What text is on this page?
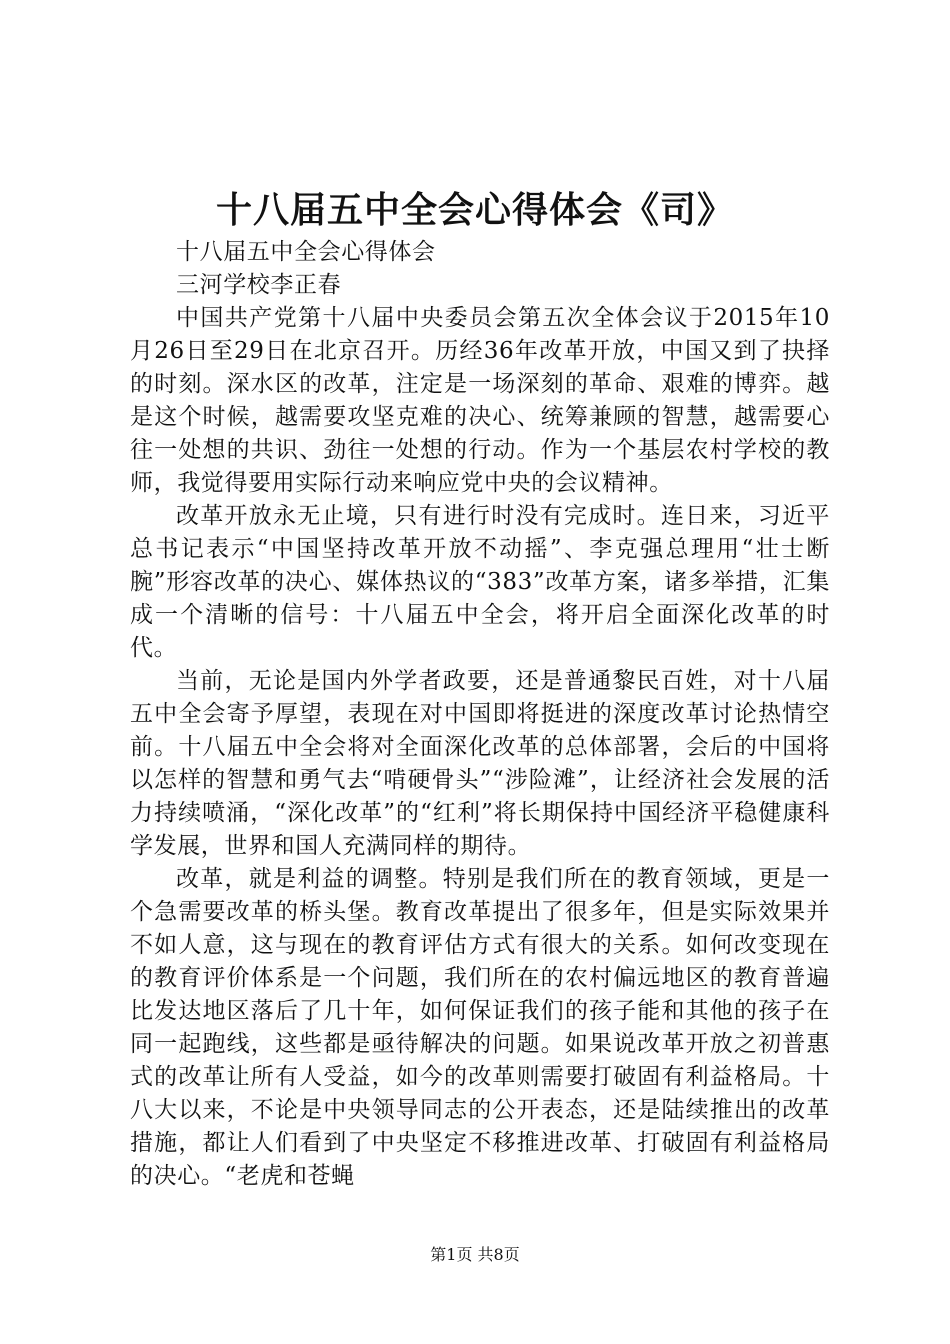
十八届五中全会心得体会《司》

十八届五中全会心得体会

三河学校李正春

中国共产党第十八届中央委员会第五次全体会议于2015年10月26日至29日在北京召开。历经36年改革开放，中国又到了抉择的时刻。深水区的改革，注定是一场深刻的革命、艰难的博弈。越是这个时候，越需要攻坚克难的决心、统筹兼顾的智慧，越需要心往一处想的共识、劲往一处想的行动。作为一个基层农村学校的教师，我觉得要用实际行动来响应党中央的会议精神。

改革开放永无止境，只有进行时没有完成时。连日来，习近平总书记表示“中国坚持改革开放不动摇”、李克强总理用“壮士断腕”形容改革的决心、媒体热议的“383”改革方案，诸多举措，汇集成一个清晰的信号：十八届五中全会，将开启全面深化改革的时代。

当前，无论是国内外学者政要，还是普通黎民百姓，对十八届五中全会寄予厚望，表现在对中国即将挺进的深度改革讨论热情空前。十八届五中全会将对全面深化改革的总体部署，会后的中国将以怎样的智慧和勇气去“啃硬骨头”“涉险滩”，让经济社会发展的活力持续喷涌，“深化改革”的“红利”将长期保持中国经济平稳健康科学发展，世界和国人充满同样的期待。

改革，就是利益的调整。特别是我们所在的教育领域，更是一个急需要改革的桥头堡。教育改革提出了很多年，但是实际效果并不如人意，这与现在的教育评估方式有很大的关系。如何改变现在的教育评价体系是一个问题，我们所在的农村偏远地区的教育普遍比发达地区落后了几十年，如何保证我们的孩子能和其他的孩子在同一起跑线，这些都是亟待解决的问题。如果说改革开放之初普惠式的改革让所有人受益，如今的改革则需要打破固有利益格局。十八大以来，不论是中央领导同志的公开表态，还是陆续推出的改革措施，都让人们看到了中央坚定不移推进改革、打破固有利益格局的决心。“老虎和苍蝇

第1页 共8页
